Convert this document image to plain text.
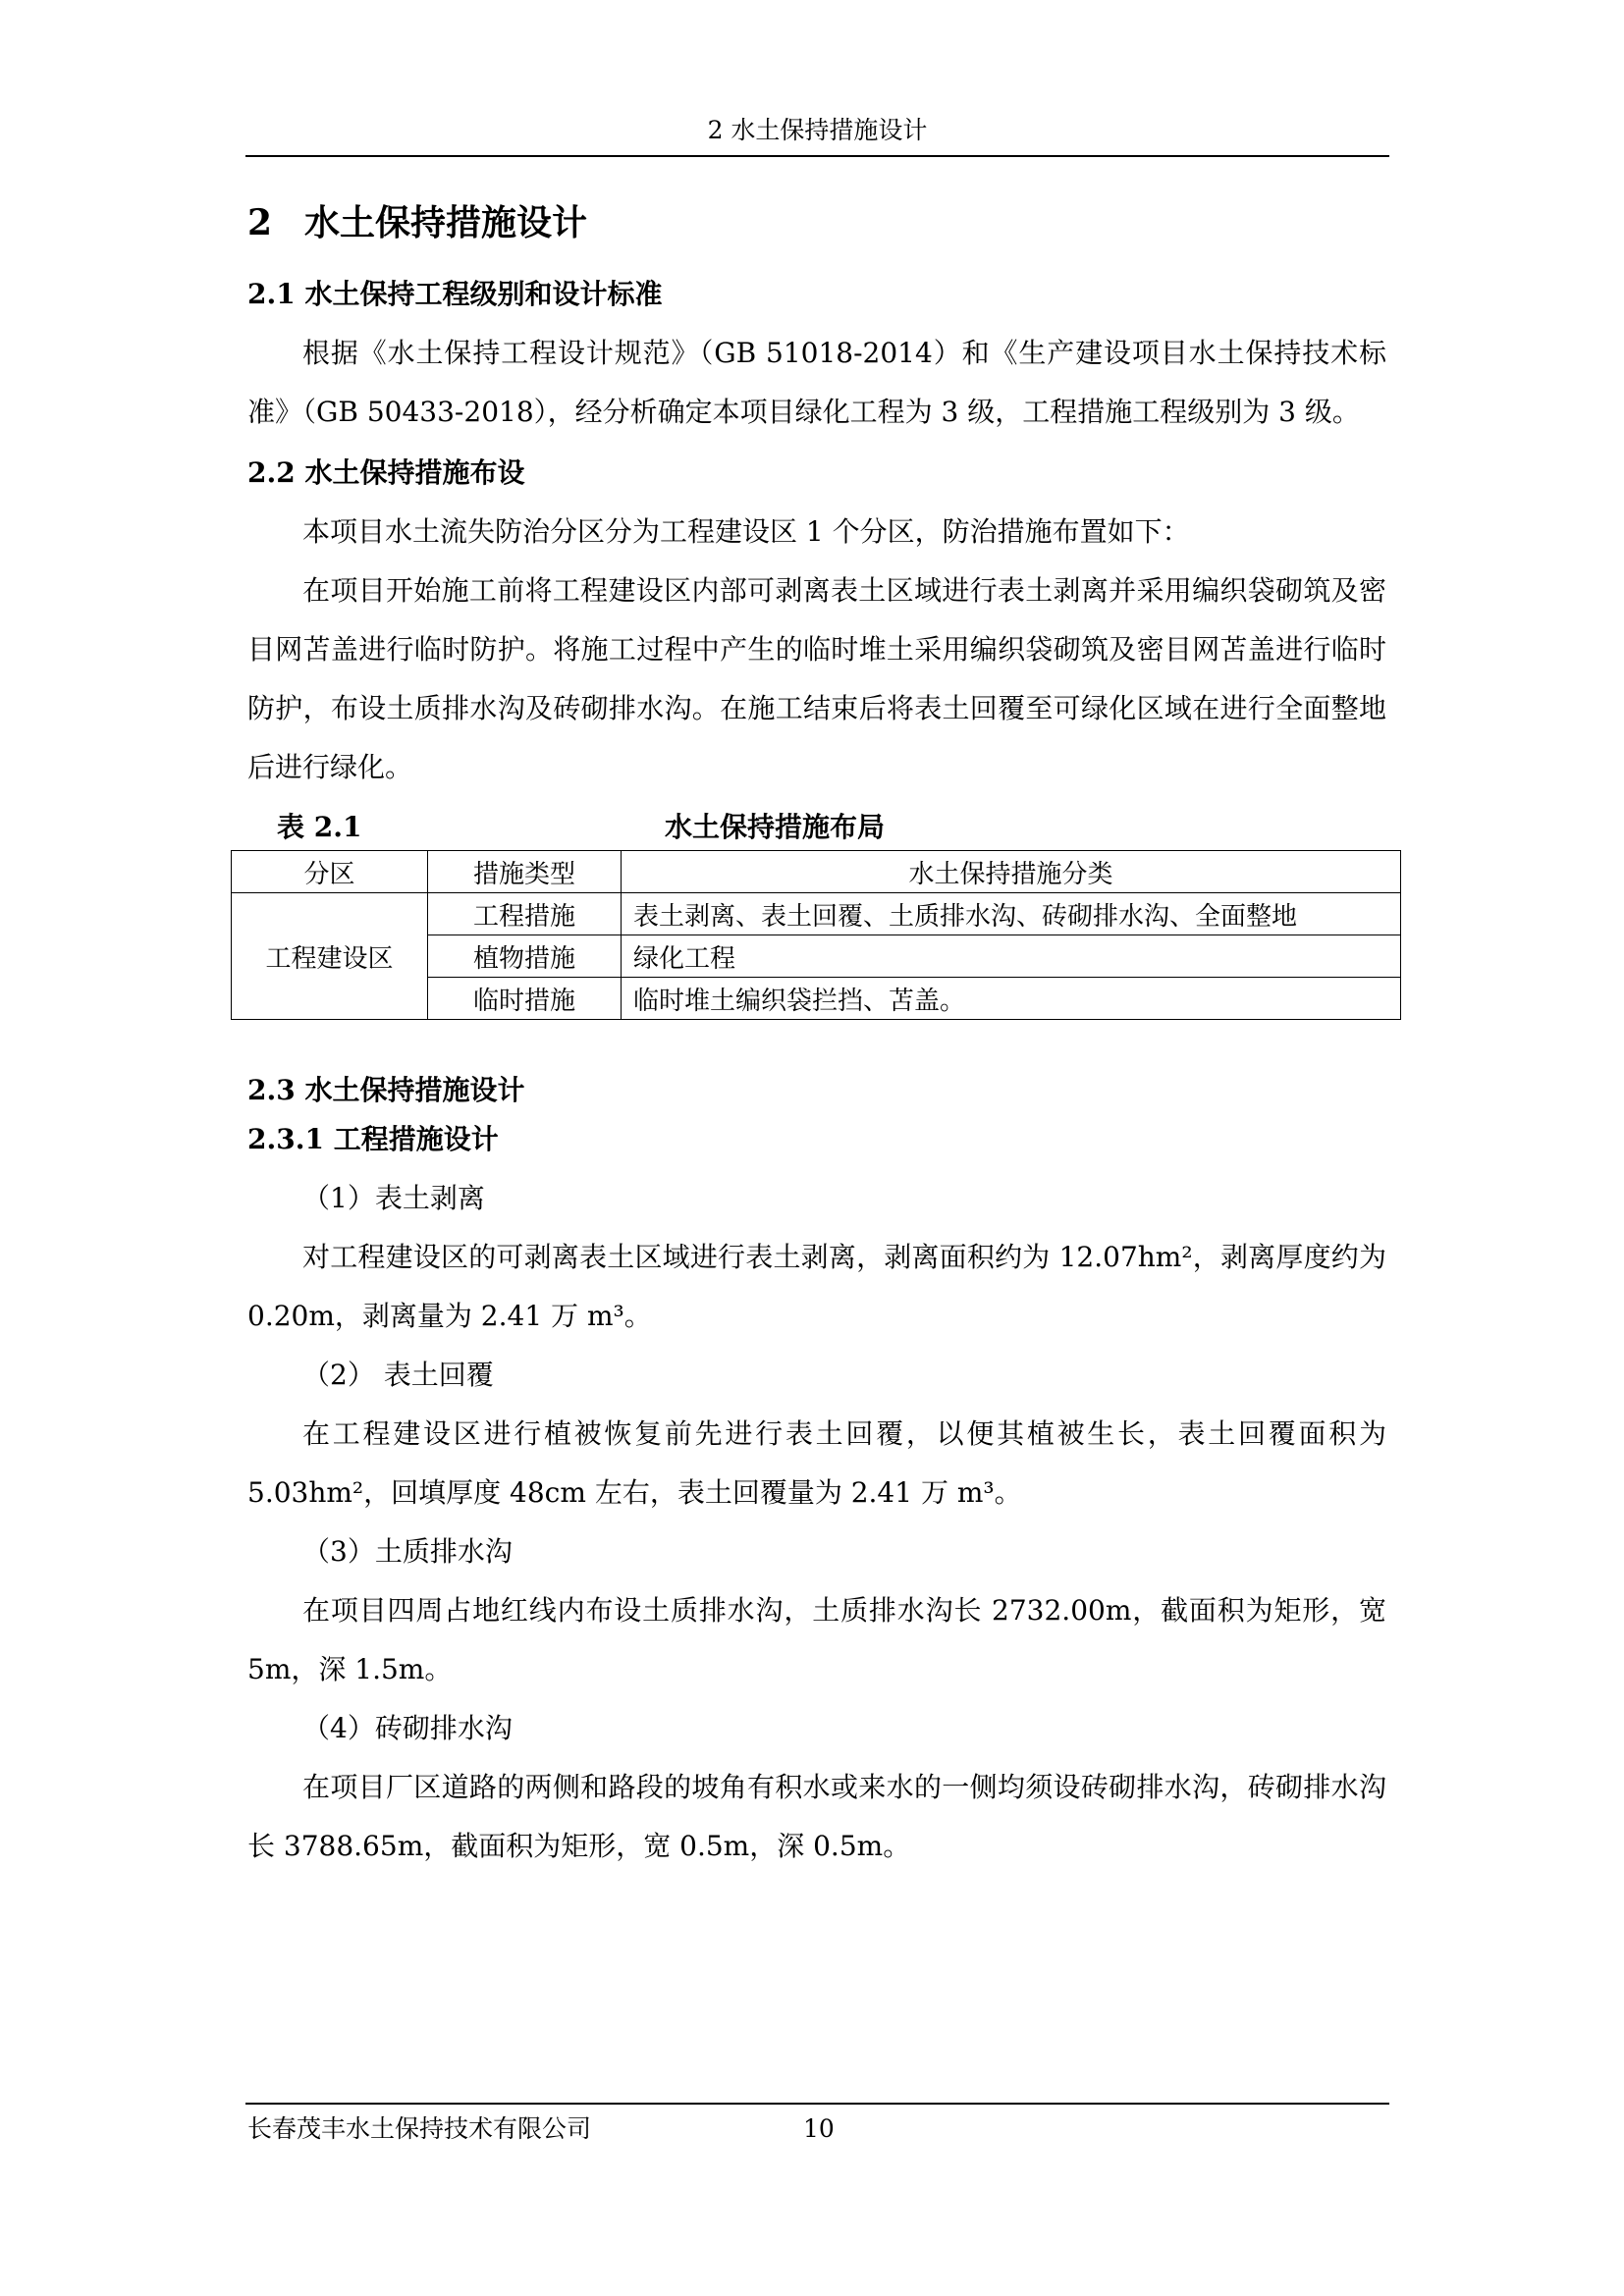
2 水土保持措施设计
2 水土保持措施设计
2.1 水土保持工程级别和设计标准

根据《水土保持工程设计规范》（GB 51018-2014）和《生产建设项目水土保持技术标准》（GB 50433-2018），经分析确定本项目绿化工程为 3 级，工程措施工程级别为 3 级。

2.2 水土保持措施布设

本项目水土流失防治分区分为工程建设区 1 个分区，防治措施布置如下：

在项目开始施工前将工程建设区内部可剥离表土区域进行表土剥离并采用编织袋砌筑及密目网苫盖进行临时防护。将施工过程中产生的临时堆土采用编织袋砌筑及密目网苫盖进行临时防护，布设土质排水沟及砖砌排水沟。在施工结束后将表土回覆至可绿化区域在进行全面整地后进行绿化。

表 2.1	水土保持措施布局
分区	措施类型	水土保持措施分类
工程建设区	工程措施	表土剥离、表土回覆、土质排水沟、砖砌排水沟、全面整地
	植物措施	绿化工程
	临时措施	临时堆土编织袋拦挡、苫盖。
2.3 水土保持措施设计
2.3.1 工程措施设计

（1）表土剥离

对工程建设区的可剥离表土区域进行表土剥离，剥离面积约为 12.07hm²，剥离厚度约为 0.20m，剥离量为 2.41 万 m³。

（2） 表土回覆

在工程建设区进行植被恢复前先进行表土回覆，以便其植被生长，表土回覆面积为 5.03hm²，回填厚度 48cm 左右，表土回覆量为 2.41 万 m³。

（3）土质排水沟

在项目四周占地红线内布设土质排水沟，土质排水沟长 2732.00m，截面积为矩形，宽 5m，深 1.5m。

（4）砖砌排水沟

在项目厂区道路的两侧和路段的坡角有积水或来水的一侧均须设砖砌排水沟，砖砌排水沟长 3788.65m，截面积为矩形，宽 0.5m，深 0.5m。

长春茂丰水土保持技术有限公司	10
